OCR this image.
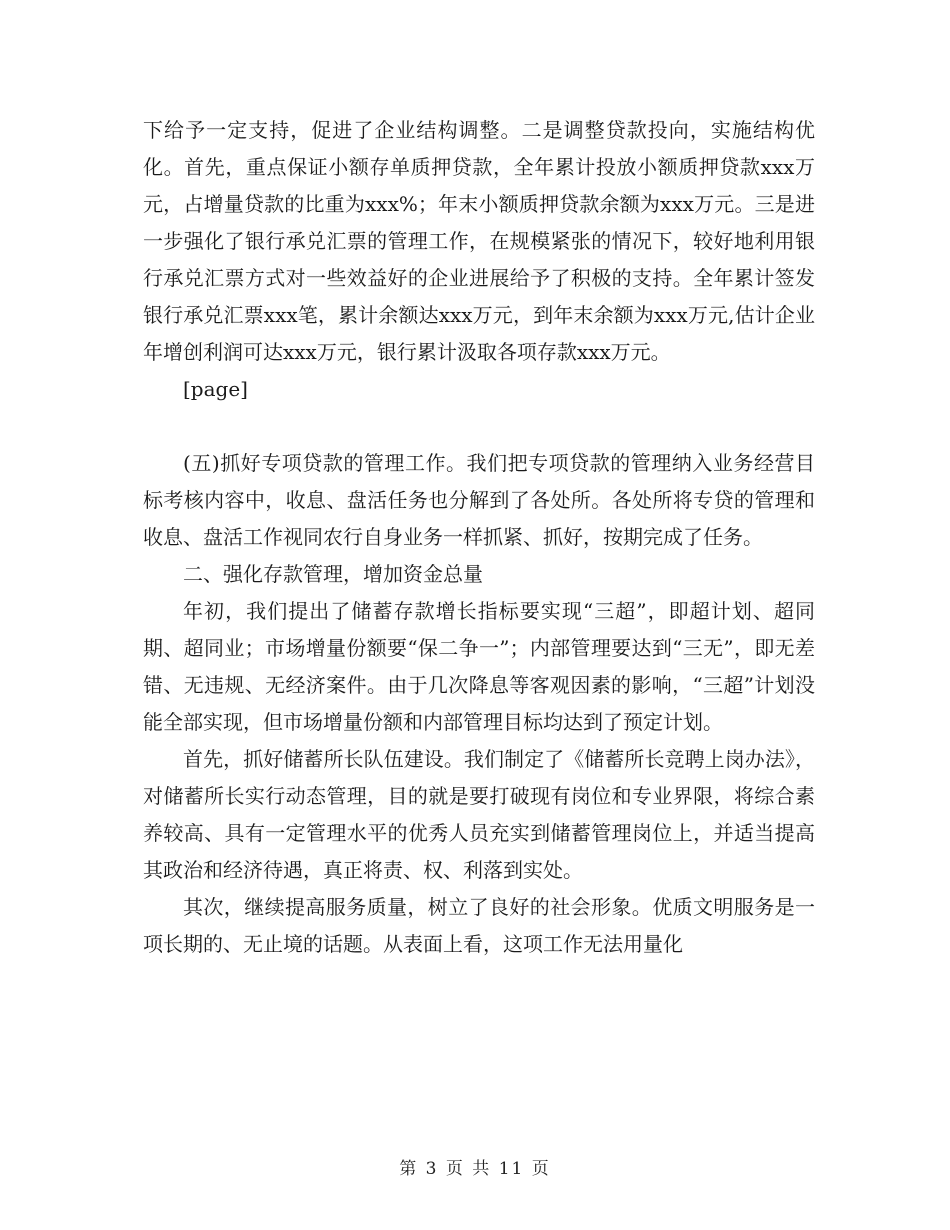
下给予一定支持，促进了企业结构调整。二是调整贷款投向，实施结构优化。首先，重点保证小额存单质押贷款，全年累计投放小额质押贷款xxx万元，占增量贷款的比重为xxx%；年末小额质押贷款余额为xxx万元。三是进一步强化了银行承兑汇票的管理工作，在规模紧张的情况下，较好地利用银行承兑汇票方式对一些效益好的企业进展给予了积极的支持。全年累计签发银行承兑汇票xxx笔，累计余额达xxx万元，到年末余额为xxx万元,估计企业年增创利润可达xxx万元，银行累计汲取各项存款xxx万元。

[page]

(五)抓好专项贷款的管理工作。我们把专项贷款的管理纳入业务经营目标考核内容中，收息、盘活任务也分解到了各处所。各处所将专贷的管理和收息、盘活工作视同农行自身业务一样抓紧、抓好，按期完成了任务。

二、强化存款管理，增加资金总量

年初，我们提出了储蓄存款增长指标要实现“三超”，即超计划、超同期、超同业；市场增量份额要“保二争一”；内部管理要达到“三无”，即无差错、无违规、无经济案件。由于几次降息等客观因素的影响，“三超”计划没能全部实现，但市场增量份额和内部管理目标均达到了预定计划。

首先，抓好储蓄所长队伍建设。我们制定了《储蓄所长竞聘上岗办法》，对储蓄所长实行动态管理，目的就是要打破现有岗位和专业界限，将综合素养较高、具有一定管理水平的优秀人员充实到储蓄管理岗位上，并适当提高其政治和经济待遇，真正将责、权、利落到实处。

其次，继续提高服务质量，树立了良好的社会形象。优质文明服务是一项长期的、无止境的话题。从表面上看，这项工作无法用量化

第 3 页 共 11 页
